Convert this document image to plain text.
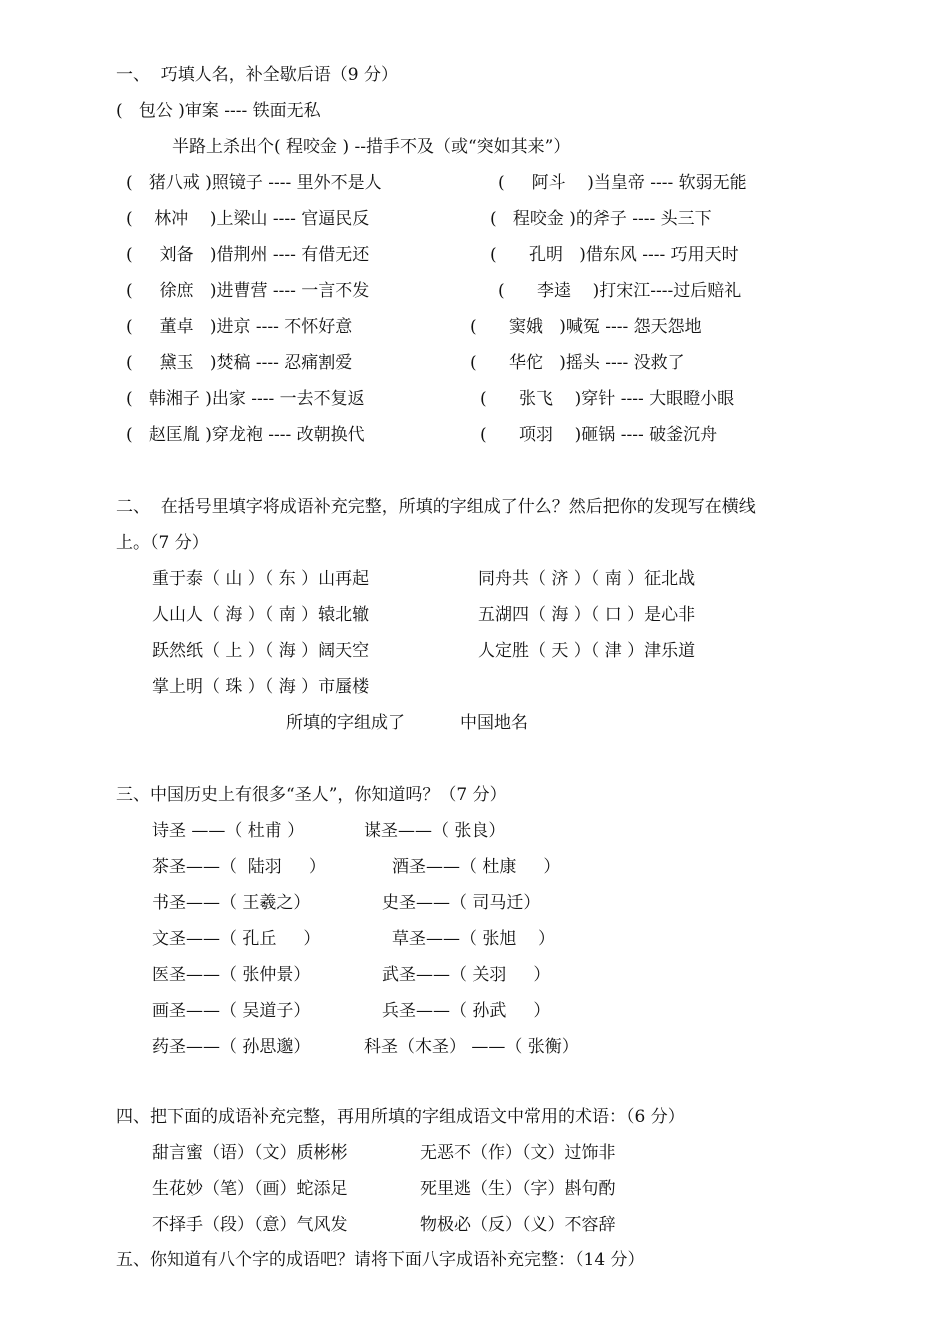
一、  巧填人名，补全歇后语（9 分）
(   包公 )审案 ---- 铁面无私
半路上杀出个( 程咬金 ) --措手不及（或“突如其来”）
(   猪八戒 )照镜子 ---- 里外不是人	(     阿斗    )当皇帝 ---- 软弱无能
(    林冲    )上梁山 ---- 官逼民反	(   程咬金 )的斧子 ---- 头三下
(     刘备   )借荆州 ---- 有借无还	(      孔明   )借东风 ---- 巧用天时
(     徐庶   )进曹营 ---- 一言不发	(      李逵    )打宋江----过后赔礼
(     董卓   )进京 ---- 不怀好意	(      窦娥   )喊冤 ---- 怨天怨地
(     黛玉   )焚稿 ---- 忍痛割爱	(      华佗   )摇头 ---- 没救了
(   韩湘子 )出家 ---- 一去不复返	(      张飞    )穿针 ---- 大眼瞪小眼
(   赵匡胤 )穿龙袍 ---- 改朝换代	(      项羽    )砸锅 ---- 破釜沉舟
二、  在括号里填字将成语补充完整，所填的字组成了什么？然后把你的发现写在横线
上。（7 分）
重于泰（ 山 ）（ 东 ）山再起	同舟共（ 济 ）（ 南 ）征北战
人山人（ 海 ）（ 南 ）辕北辙	五湖四（ 海 ）（ 口 ）是心非
跃然纸（ 上 ）（ 海 ）阔天空	人定胜（ 天 ）（ 津 ）津乐道
掌上明（ 珠 ）（ 海 ）市蜃楼
所填的字组成了	中国地名
三、中国历史上有很多“圣人”，你知道吗？（7 分）
诗圣 ——（ 杜甫 ）	谋圣——（ 张良）
茶圣——（  陆羽     ）	酒圣——（ 杜康     ）
书圣——（ 王羲之）	史圣——（ 司马迁）
文圣——（ 孔丘     ）	草圣——（ 张旭    ）
医圣——（ 张仲景）	武圣——（ 关羽     ）
画圣——（ 吴道子）	兵圣——（ 孙武     ）
药圣——（ 孙思邈）	科圣（木圣） ——（ 张衡）
四、把下面的成语补充完整，再用所填的字组成语文中常用的术语：（6 分）
甜言蜜（语）（文）质彬彬	无恶不（作）（文）过饰非
生花妙（笔）（画）蛇添足	死里逃（生）（字）斟句酌
不择手（段）（意）气风发	物极必（反）（义）不容辞
五、你知道有八个字的成语吧？请将下面八字成语补充完整：（14 分）
